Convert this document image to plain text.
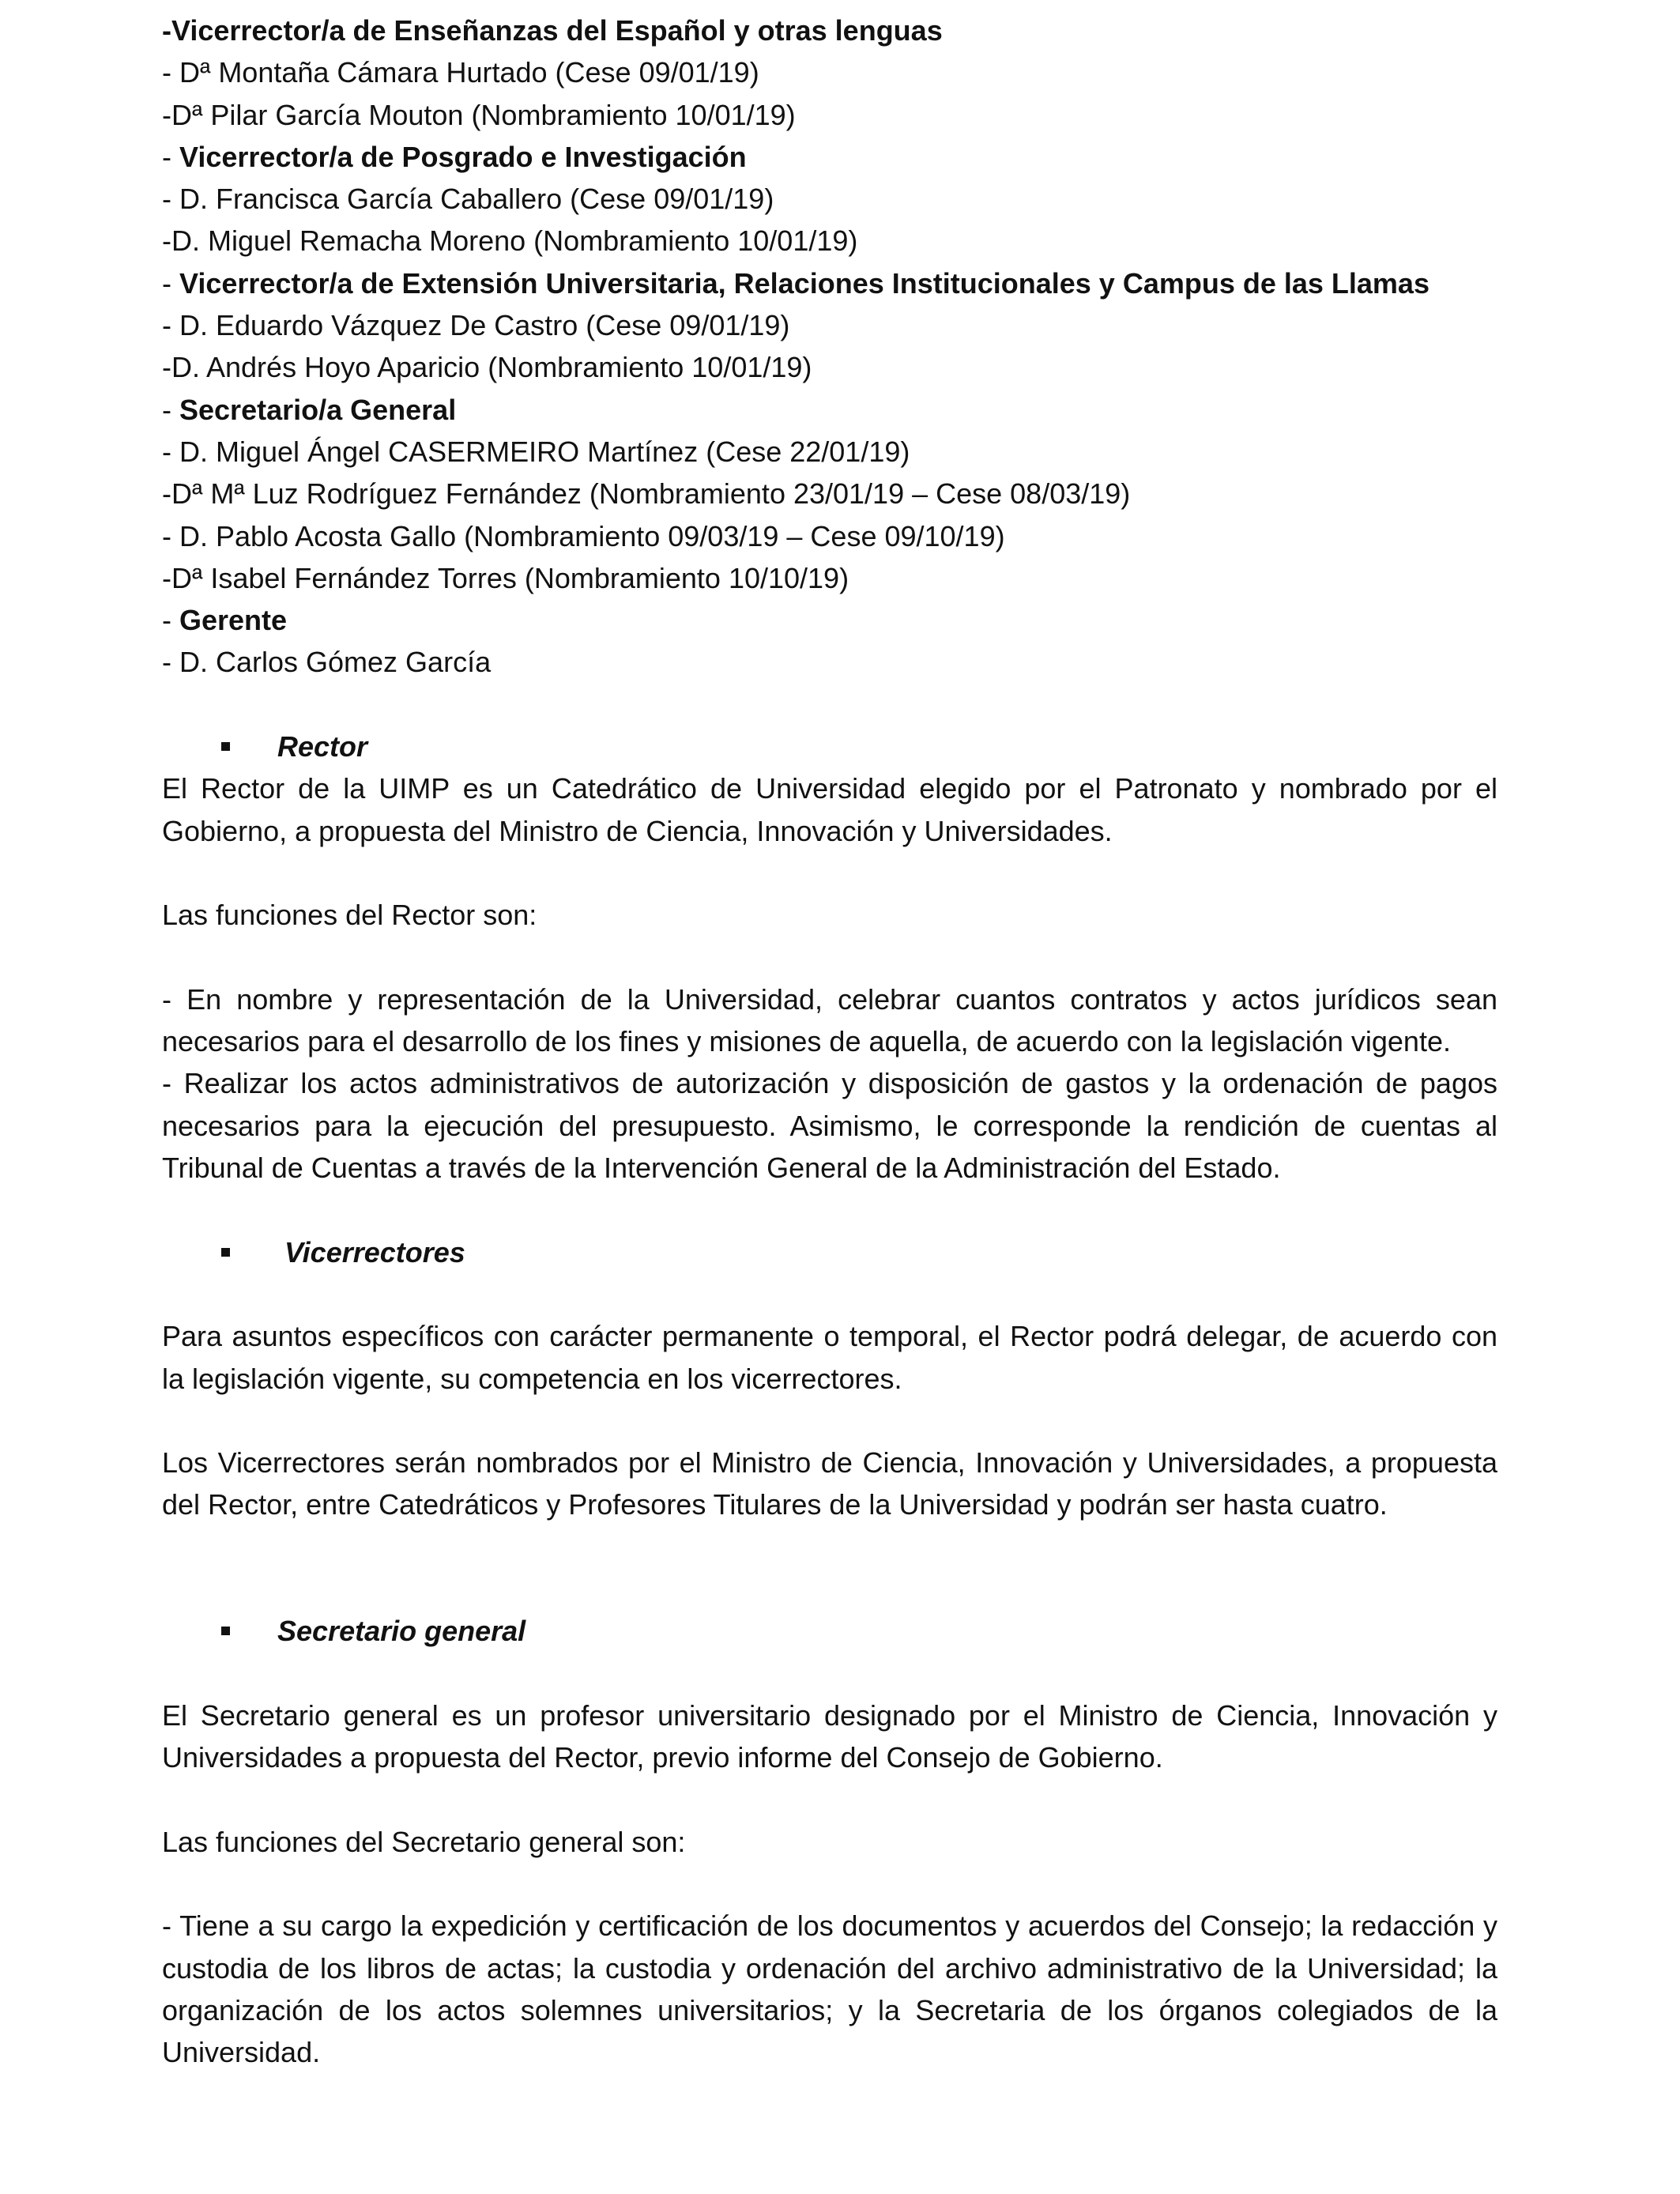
-Vicerrector/a de Enseñanzas del Español y otras lenguas
- Dª Montaña Cámara Hurtado (Cese 09/01/19)
-Dª Pilar García Mouton (Nombramiento 10/01/19)
- Vicerrector/a de Posgrado e Investigación
- D. Francisca García Caballero (Cese 09/01/19)
-D. Miguel Remacha Moreno (Nombramiento 10/01/19)
- Vicerrector/a de Extensión Universitaria, Relaciones Institucionales y Campus de las Llamas
- D. Eduardo Vázquez De Castro (Cese 09/01/19)
-D. Andrés Hoyo Aparicio (Nombramiento 10/01/19)
- Secretario/a General
- D. Miguel Ángel CASERMEIRO Martínez (Cese 22/01/19)
-Dª Mª Luz Rodríguez Fernández (Nombramiento 23/01/19 – Cese 08/03/19)
- D. Pablo Acosta Gallo (Nombramiento 09/03/19 – Cese 09/10/19)
-Dª Isabel Fernández Torres (Nombramiento 10/10/19)
- Gerente
- D. Carlos Gómez García
Rector
El Rector de la UIMP es un Catedrático de Universidad elegido por el Patronato y nombrado por el Gobierno, a propuesta del Ministro de Ciencia, Innovación y Universidades.
Las funciones del Rector son:
- En nombre y representación de la Universidad, celebrar cuantos contratos y actos jurídicos sean necesarios para el desarrollo de los fines y misiones de aquella, de acuerdo con la legislación vigente.
- Realizar los actos administrativos de autorización y disposición de gastos y la ordenación de pagos necesarios para la ejecución del presupuesto. Asimismo, le corresponde la rendición de cuentas al Tribunal de Cuentas a través de la Intervención General de la Administración del Estado.
Vicerrectores
Para asuntos específicos con carácter permanente o temporal, el Rector podrá delegar, de acuerdo con la legislación vigente, su competencia en los vicerrectores.
Los Vicerrectores serán nombrados por el Ministro de Ciencia, Innovación y Universidades, a propuesta del Rector, entre Catedráticos y Profesores Titulares de la Universidad y podrán ser hasta cuatro.
Secretario general
El Secretario general es un profesor universitario designado por el Ministro de Ciencia, Innovación y Universidades a propuesta del Rector, previo informe del Consejo de Gobierno.
Las funciones del Secretario general son:
- Tiene a su cargo la expedición y certificación de los documentos y acuerdos del Consejo; la redacción y custodia de los libros de actas; la custodia y ordenación del archivo administrativo de la Universidad; la organización de los actos solemnes universitarios; y la Secretaria de los órganos colegiados de la Universidad.
